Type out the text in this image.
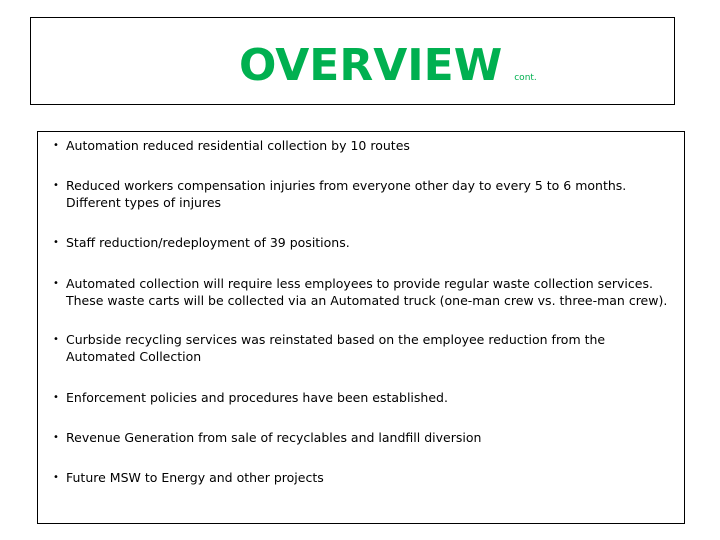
OVERVIEW cont.
• Automation reduced residential collection by 10 routes
• Reduced workers compensation injuries from everyone other day to every 5 to 6 months. Different types of injures
• Staff reduction/redeployment of 39 positions.
• Automated collection will require less employees to provide regular waste collection services. These waste carts will be collected via an Automated truck (one-man crew vs. three-man crew).
• Curbside recycling services was reinstated based on the employee reduction from the Automated Collection
• Enforcement policies and procedures have been established.
• Revenue Generation from sale of recyclables and landfill diversion
• Future MSW to Energy and other projects
